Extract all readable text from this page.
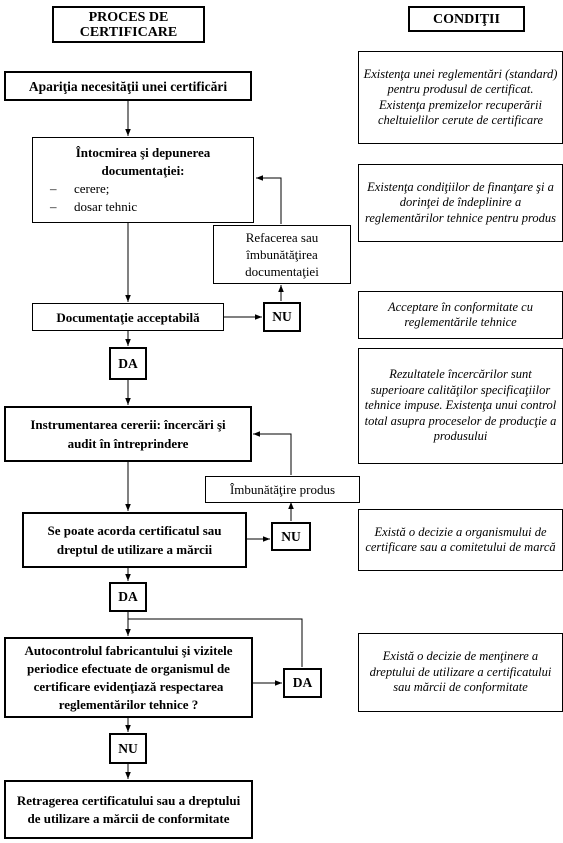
PROCES DE CERTIFICARE
CONDIŢII
Apariţia necesităţii unei certificări
Întocmirea şi depunerea documentaţiei:
– cerere;
– dosar tehnic
Refacerea sau îmbunătăţirea documentaţiei
Documentaţie acceptabilă	NU
DA
Instrumentarea cererii: încercări şi audit în întreprindere
Îmbunătăţire produs
Se poate acorda certificatul sau dreptul de utilizare a mărcii
NU
DA
Autocontrolul fabricantului şi vizitele periodice efectuate de organismul de certificare evidenţiază respectarea reglementărilor tehnice ?
DA
NU
Retragerea certificatului sau a dreptului de utilizare a mărcii de conformitate
Existenţa unei reglementări (standard) pentru produsul de certificat. Existenţa premizelor recuperării cheltuielilor cerute de certificare
Existenţa condiţiilor de finanţare şi a dorinţei de îndeplinire a reglementărilor tehnice pentru produs
Acceptare în conformitate cu reglementările tehnice
Rezultatele încercărilor sunt superioare calităţilor specificaţiilor tehnice impuse. Existenţa unui control total asupra proceselor de producţie a produsului
Există o decizie a organismului de certificare sau a comitetului de marcă
Există o decizie de menţinere a dreptului de utilizare a certificatului sau mărcii de conformitate
